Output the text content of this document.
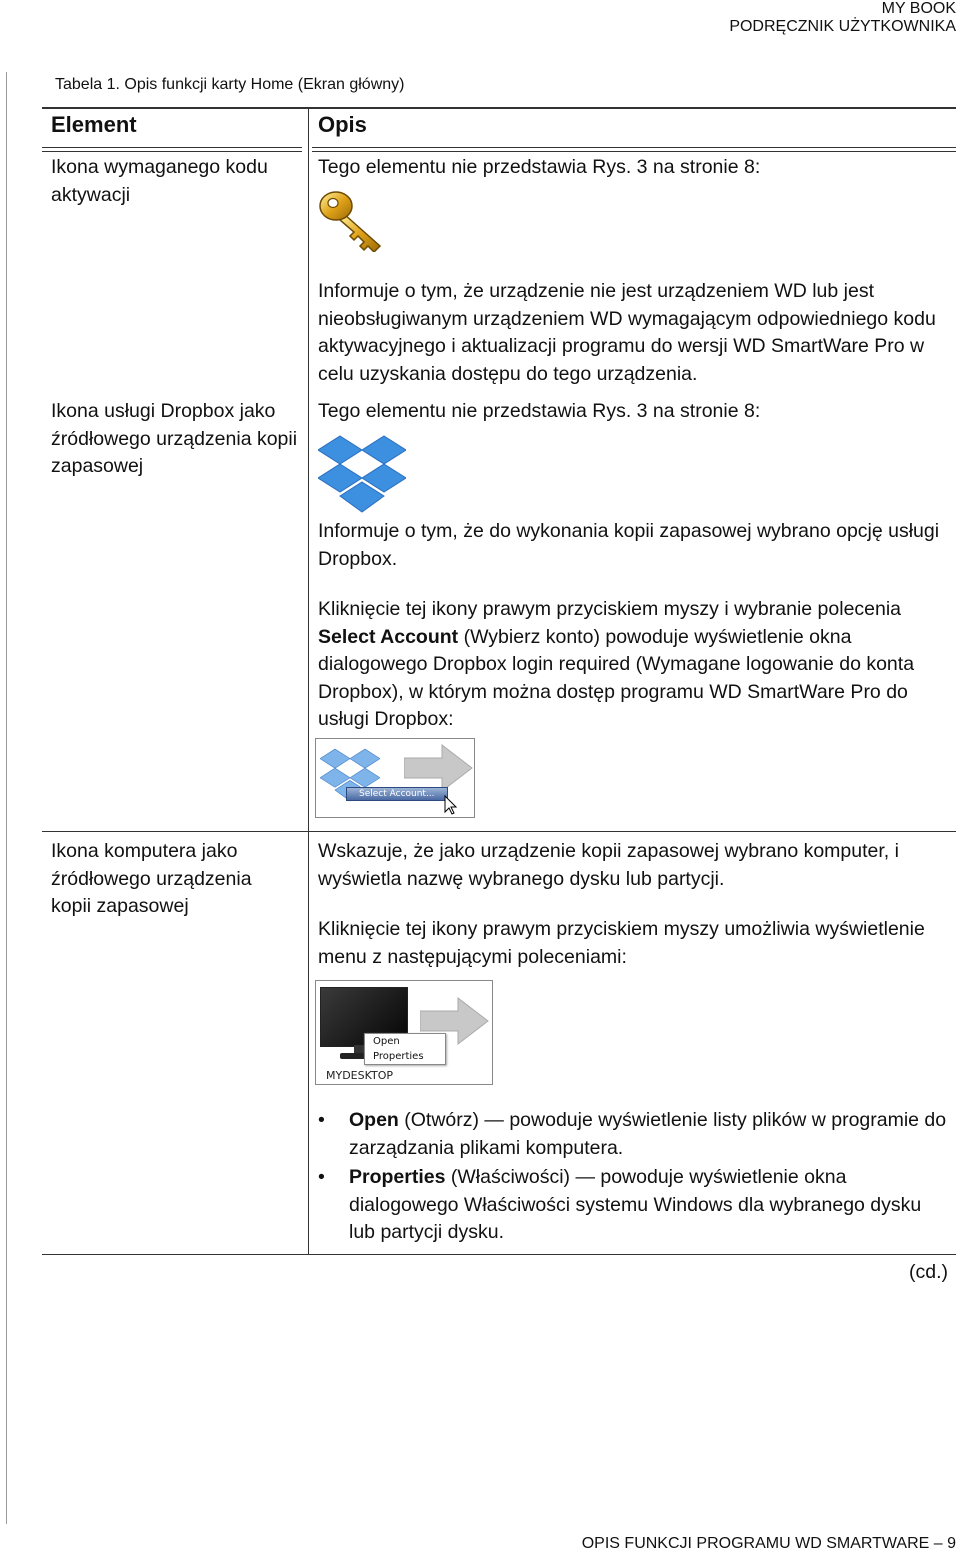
MY BOOK
PODRĘCZNIK UŻYTKOWNIKA
Tabela 1. Opis funkcji karty Home (Ekran główny)
Element	Opis
Ikona wymaganego kodu aktywacji
Tego elementu nie przedstawia Rys. 3 na stronie 8:
Informuje o tym, że urządzenie nie jest urządzeniem WD lub jest nieobsługiwanym urządzeniem WD wymagającym odpowiedniego kodu aktywacyjnego i aktualizacji programu do wersji WD SmartWare Pro w celu uzyskania dostępu do tego urządzenia.
Ikona usługi Dropbox jako źródłowego urządzenia kopii zapasowej
Tego elementu nie przedstawia Rys. 3 na stronie 8:
Informuje o tym, że do wykonania kopii zapasowej wybrano opcję usługi Dropbox.
Kliknięcie tej ikony prawym przyciskiem myszy i wybranie polecenia Select Account (Wybierz konto) powoduje wyświetlenie okna dialogowego Dropbox login required (Wymagane logowanie do konta Dropbox), w którym można dostęp programu WD SmartWare Pro do usługi Dropbox:
Select Account...
Ikona komputera jako źródłowego urządzenia kopii zapasowej
Wskazuje, że jako urządzenie kopii zapasowej wybrano komputer, i wyświetla nazwę wybranego dysku lub partycji.
Kliknięcie tej ikony prawym przyciskiem myszy umożliwia wyświetlenie menu z następującymi poleceniami:
Open
Properties
MYDESKTOP
• Open (Otwórz) — powoduje wyświetlenie listy plików w programie do zarządzania plikami komputera.
• Properties (Właściwości) — powoduje wyświetlenie okna dialogowego Właściwości systemu Windows dla wybranego dysku lub partycji dysku.
(cd.)
OPIS FUNKCJI PROGRAMU WD SMARTWARE – 9
